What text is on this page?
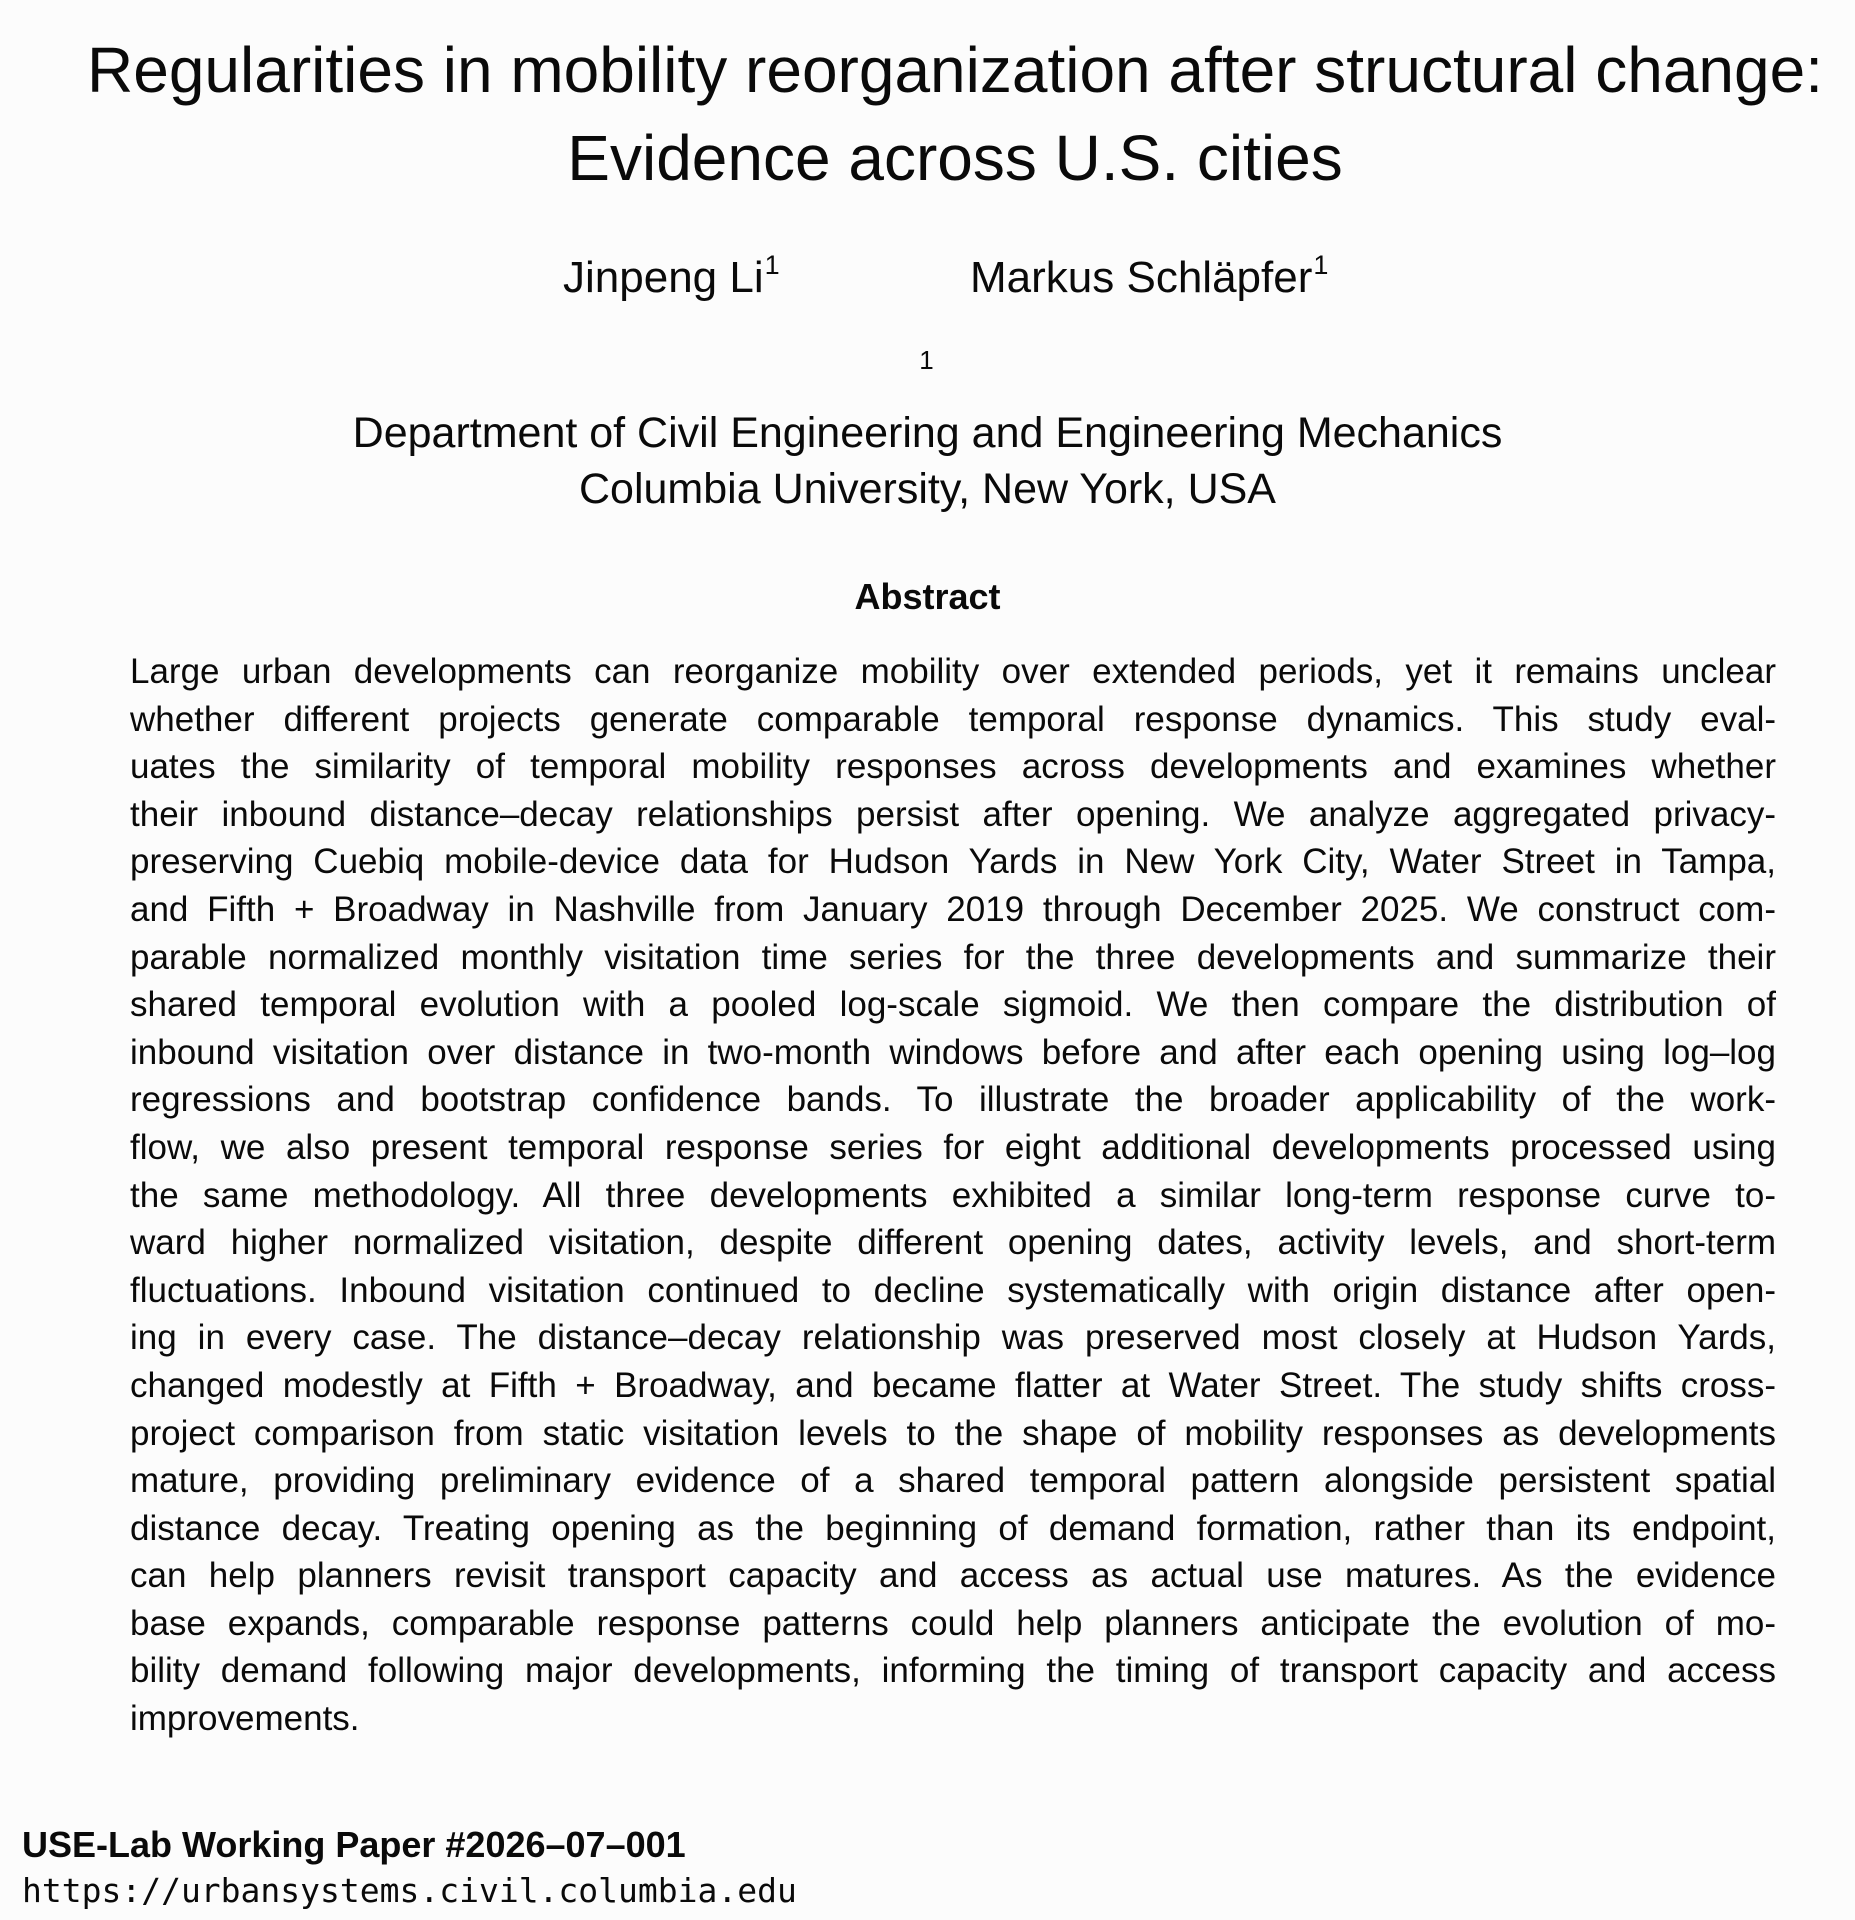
Regularities in mobility reorganization after structural change:
Evidence across U.S. cities
Jinpeng Li$^1$	Markus Schläpfer$^1$
$^1$
Department of Civil Engineering and Engineering Mechanics
Columbia University, New York, USA
Abstract
Large urban developments can reorganize mobility over extended periods, yet it remains unclear
whether different projects generate comparable temporal response dynamics. This study eval-
uates the similarity of temporal mobility responses across developments and examines whether
their inbound distance–decay relationships persist after opening. We analyze aggregated privacy-
preserving Cuebiq mobile-device data for Hudson Yards in New York City, Water Street in Tampa,
and Fifth + Broadway in Nashville from January 2019 through December 2025. We construct com-
parable normalized monthly visitation time series for the three developments and summarize their
shared temporal evolution with a pooled log-scale sigmoid. We then compare the distribution of
inbound visitation over distance in two-month windows before and after each opening using log–log
regressions and bootstrap confidence bands. To illustrate the broader applicability of the work-
flow, we also present temporal response series for eight additional developments processed using
the same methodology. All three developments exhibited a similar long-term response curve to-
ward higher normalized visitation, despite different opening dates, activity levels, and short-term
fluctuations. Inbound visitation continued to decline systematically with origin distance after open-
ing in every case. The distance–decay relationship was preserved most closely at Hudson Yards,
changed modestly at Fifth + Broadway, and became flatter at Water Street. The study shifts cross-
project comparison from static visitation levels to the shape of mobility responses as developments
mature, providing preliminary evidence of a shared temporal pattern alongside persistent spatial
distance decay. Treating opening as the beginning of demand formation, rather than its endpoint,
can help planners revisit transport capacity and access as actual use matures. As the evidence
base expands, comparable response patterns could help planners anticipate the evolution of mo-
bility demand following major developments, informing the timing of transport capacity and access
improvements.
USE-Lab Working Paper #2026–07–001
https://urbansystems.civil.columbia.edu
